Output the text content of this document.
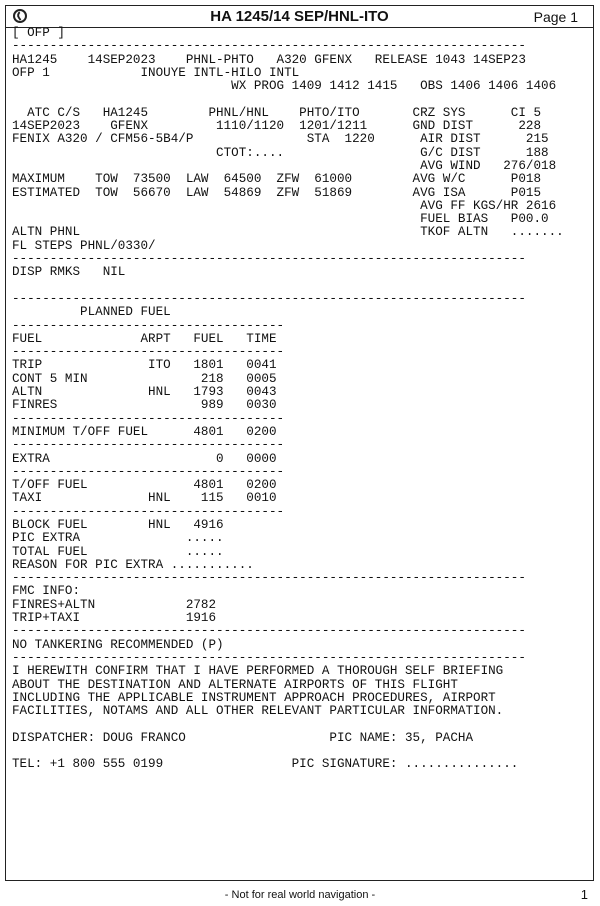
HA 1245/14 SEP/HNL-ITO	Page 1
[ OFP ]
--------------------------------------------------------------------
HA1245    14SEP2023    PHNL-PHTO   A320 GFENX   RELEASE 1043 14SEP23
OFP 1            INOUYE INTL-HILO INTL
WX PROG 1409 1412 1415   OBS 1406 1406 1406

ATC C/S   HA1245        PHNL/HNL    PHTO/ITO       CRZ SYS      CI 5
14SEP2023    GFENX         1110/1120  1201/1211      GND DIST      228
FENIX A320 / CFM56-5B4/P               STA  1220      AIR DIST      215
CTOT:....                  G/C DIST      188
AVG WIND   276/018
MAXIMUM    TOW  73500  LAW  64500  ZFW  61000        AVG W/C      P018
ESTIMATED  TOW  56670  LAW  54869  ZFW  51869        AVG ISA      P015
AVG FF KGS/HR 2616
FUEL BIAS   P00.0
ALTN PHNL                                             TKOF ALTN   .......
FL STEPS PHNL/0330/
--------------------------------------------------------------------
DISP RMKS   NIL

--------------------------------------------------------------------
PLANNED FUEL
------------------------------------
FUEL             ARPT   FUEL   TIME
------------------------------------
TRIP              ITO   1801   0041
CONT 5 MIN               218   0005
ALTN              HNL   1793   0043
FINRES                   989   0030
------------------------------------
MINIMUM T/OFF FUEL      4801   0200
------------------------------------
EXTRA                      0   0000
------------------------------------
T/OFF FUEL              4801   0200
TAXI              HNL    115   0010
------------------------------------
BLOCK FUEL        HNL   4916
PIC EXTRA              .....
TOTAL FUEL             .....
REASON FOR PIC EXTRA ...........
--------------------------------------------------------------------
FMC INFO:
FINRES+ALTN            2782
TRIP+TAXI              1916
--------------------------------------------------------------------
NO TANKERING RECOMMENDED (P)
--------------------------------------------------------------------
I HEREWITH CONFIRM THAT I HAVE PERFORMED A THOROUGH SELF BRIEFING
ABOUT THE DESTINATION AND ALTERNATE AIRPORTS OF THIS FLIGHT
INCLUDING THE APPLICABLE INSTRUMENT APPROACH PROCEDURES, AIRPORT
FACILITIES, NOTAMS AND ALL OTHER RELEVANT PARTICULAR INFORMATION.

DISPATCHER: DOUG FRANCO                   PIC NAME: 35, PACHA

TEL: +1 800 555 0199                 PIC SIGNATURE: ...............
- Not for real world navigation -	1
